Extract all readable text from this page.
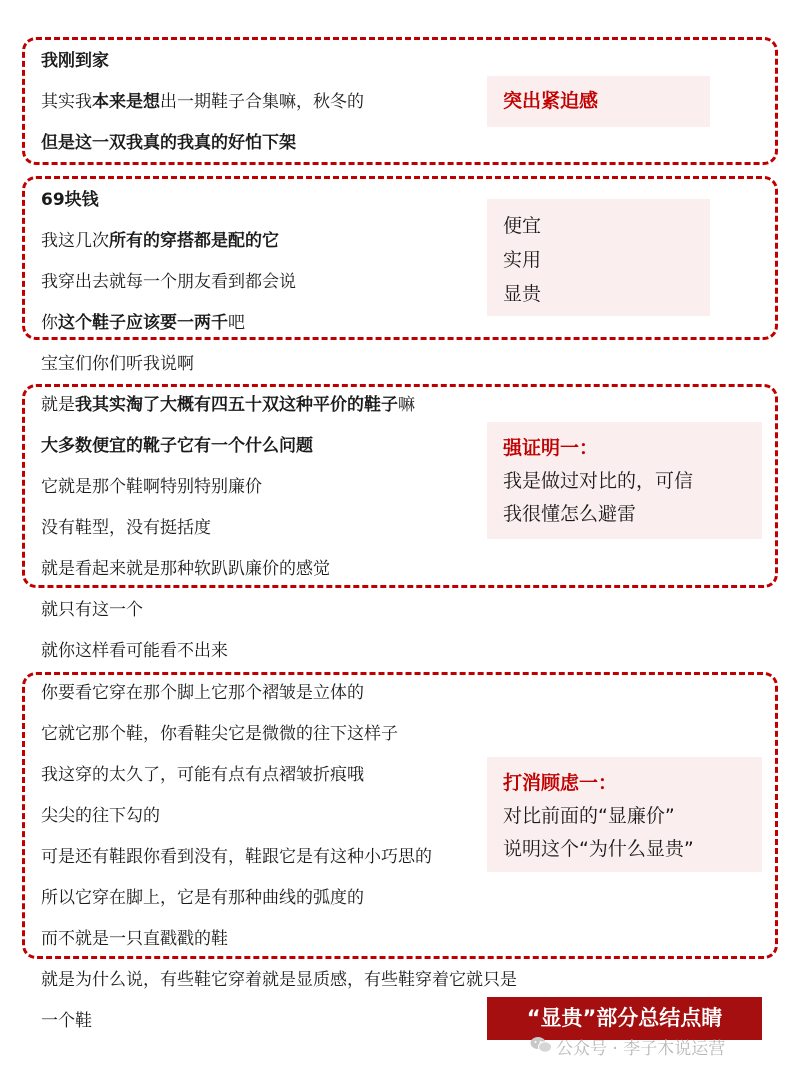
我刚到家
其实我本来是想出一期鞋子合集嘛，秋冬的
但是这一双我真的我真的好怕下架
69块钱
我这几次所有的穿搭都是配的它
我穿出去就每一个朋友看到都会说
你这个鞋子应该要一两千吧
宝宝们你们听我说啊
就是我其实淘了大概有四五十双这种平价的鞋子嘛
大多数便宜的靴子它有一个什么问题
它就是那个鞋啊特别特别廉价
没有鞋型，没有挺括度
就是看起来就是那种软趴趴廉价的感觉
就只有这一个
就你这样看可能看不出来
你要看它穿在那个脚上它那个褶皱是立体的
它就它那个鞋，你看鞋尖它是微微的往下这样子
我这穿的太久了，可能有点有点褶皱折痕哦
尖尖的往下勾的
可是还有鞋跟你看到没有，鞋跟它是有这种小巧思的
所以它穿在脚上，它是有那种曲线的弧度的
而不就是一只直戳戳的鞋
就是为什么说，有些鞋它穿着就是显质感，有些鞋穿着它就只是
一个鞋
突出紧迫感
便宜
实用
显贵
强证明一：
我是做过对比的，可信
我很懂怎么避雷
打消顾虑一：
对比前面的“显廉价”
说明这个“为什么显贵”
“显贵”部分总结点睛
公众号 · 李子木说运营
